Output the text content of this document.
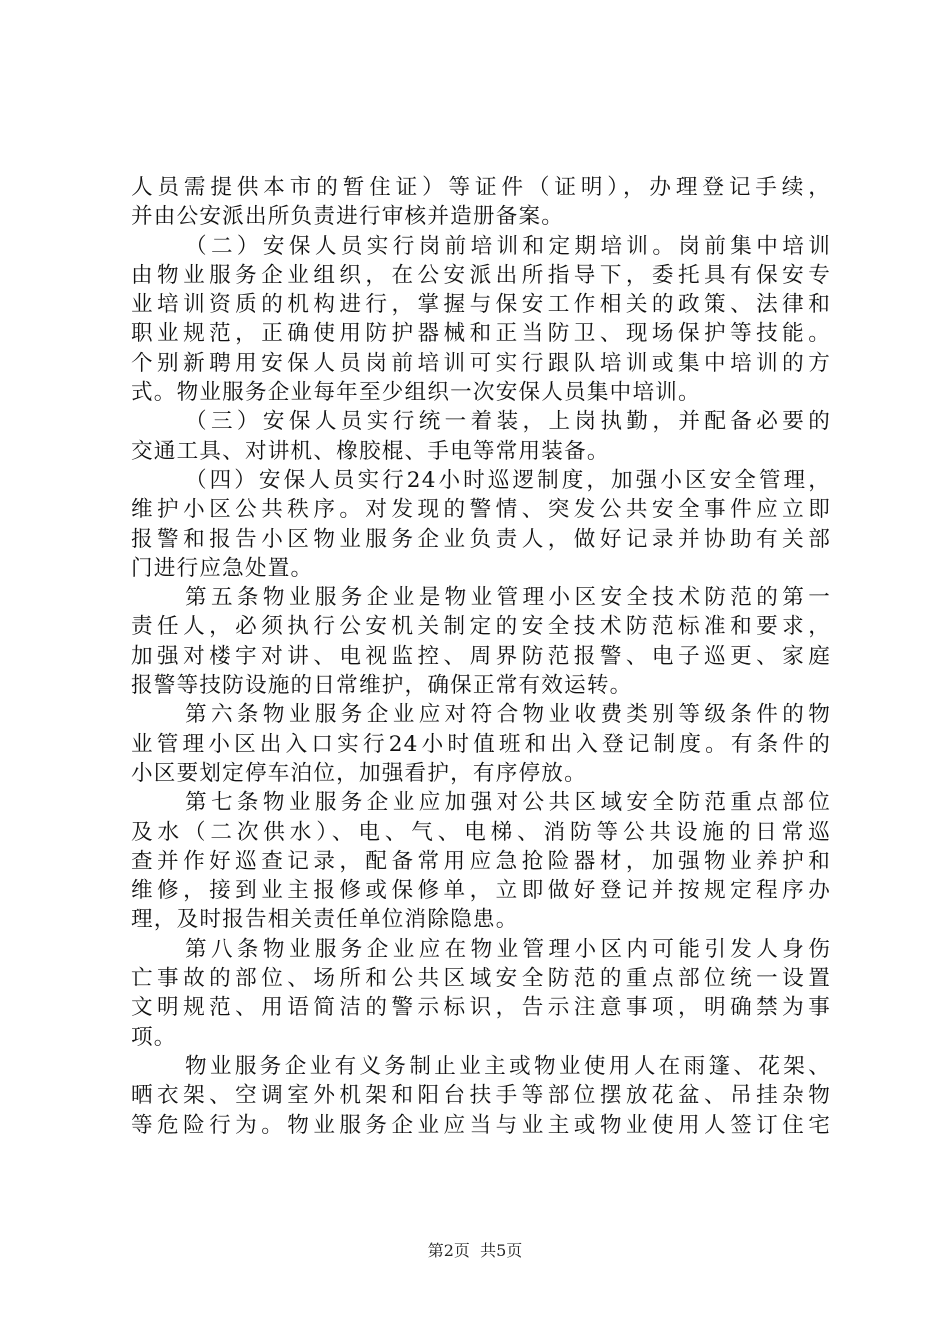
人员需提供本市的暂住证）等证件（证明），办理登记手续，
并由公安派出所负责进行审核并造册备案。
（二）安保人员实行岗前培训和定期培训。岗前集中培训
由物业服务企业组织，在公安派出所指导下，委托具有保安专
业培训资质的机构进行，掌握与保安工作相关的政策、法律和
职业规范，正确使用防护器械和正当防卫、现场保护等技能。
个别新聘用安保人员岗前培训可实行跟队培训或集中培训的方
式。物业服务企业每年至少组织一次安保人员集中培训。
（三）安保人员实行统一着装，上岗执勤，并配备必要的
交通工具、对讲机、橡胶棍、手电等常用装备。
（四）安保人员实行24小时巡逻制度，加强小区安全管理，
维护小区公共秩序。对发现的警情、突发公共安全事件应立即
报警和报告小区物业服务企业负责人，做好记录并协助有关部
门进行应急处置。
第五条物业服务企业是物业管理小区安全技术防范的第一
责任人，必须执行公安机关制定的安全技术防范标准和要求，
加强对楼宇对讲、电视监控、周界防范报警、电子巡更、家庭
报警等技防设施的日常维护，确保正常有效运转。
第六条物业服务企业应对符合物业收费类别等级条件的物
业管理小区出入口实行24小时值班和出入登记制度。有条件的
小区要划定停车泊位，加强看护，有序停放。
第七条物业服务企业应加强对公共区域安全防范重点部位
及水（二次供水）、电、气、电梯、消防等公共设施的日常巡
查并作好巡查记录，配备常用应急抢险器材，加强物业养护和
维修，接到业主报修或保修单，立即做好登记并按规定程序办
理，及时报告相关责任单位消除隐患。
第八条物业服务企业应在物业管理小区内可能引发人身伤
亡事故的部位、场所和公共区域安全防范的重点部位统一设置
文明规范、用语简洁的警示标识，告示注意事项，明确禁为事
项。
物业服务企业有义务制止业主或物业使用人在雨篷、花架、
晒衣架、空调室外机架和阳台扶手等部位摆放花盆、吊挂杂物
等危险行为。物业服务企业应当与业主或物业使用人签订住宅
第2页 共5页
